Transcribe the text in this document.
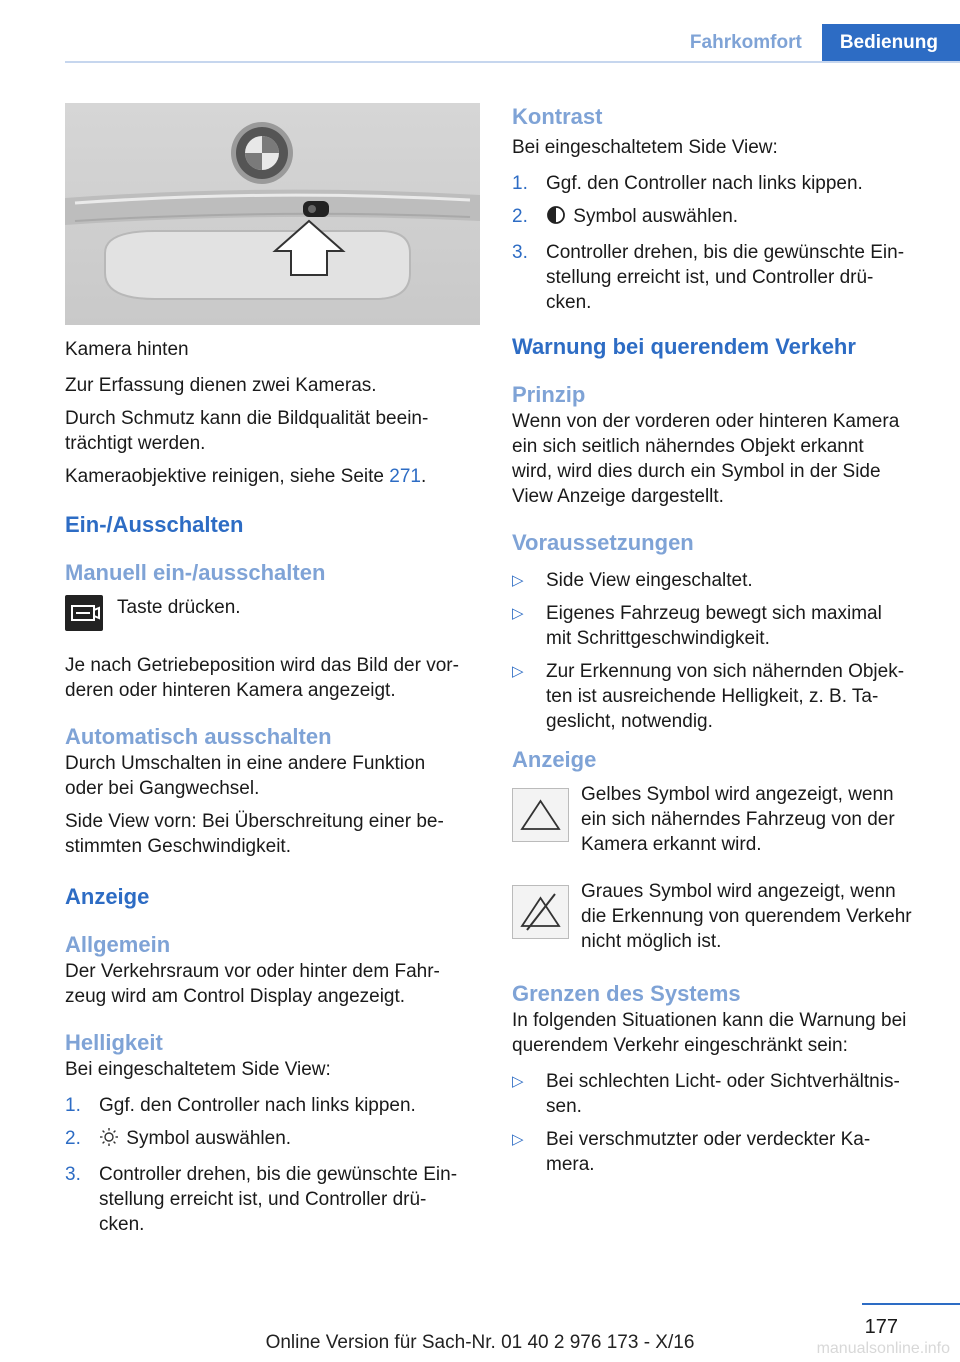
Fahrkomfort	Bedienung

Kamera hinten

Zur Erfassung dienen zwei Kameras.

Durch Schmutz kann die Bildqualität beein‐
trächtigt werden.

Kameraobjektive reinigen, siehe Seite 271.

Ein-/Ausschalten
Manuell ein-/ausschalten

Taste drücken.

Je nach Getriebeposition wird das Bild der vor‐
deren oder hinteren Kamera angezeigt.

Automatisch ausschalten

Durch Umschalten in eine andere Funktion
oder bei Gangwechsel.

Side View vorn: Bei Überschreitung einer be‐
stimmten Geschwindigkeit.

Anzeige
Allgemein

Der Verkehrsraum vor oder hinter dem Fahr‐
zeug wird am Control Display angezeigt.

Helligkeit

Bei eingeschaltetem Side View:

1. Ggf. den Controller nach links kippen.
2. Symbol auswählen.
3. Controller drehen, bis die gewünschte Ein‐
stellung erreicht ist, und Controller drü‐
cken.
Kontrast

Bei eingeschaltetem Side View:

1. Ggf. den Controller nach links kippen.
2. Symbol auswählen.
3. Controller drehen, bis die gewünschte Ein‐
stellung erreicht ist, und Controller drü‐
cken.
Warnung bei querendem Verkehr
Prinzip

Wenn von der vorderen oder hinteren Kamera
ein sich seitlich näherndes Objekt erkannt
wird, wird dies durch ein Symbol in der Side
View Anzeige dargestellt.

Voraussetzungen
▷ Side View eingeschaltet.
▷ Eigenes Fahrzeug bewegt sich maximal
mit Schrittgeschwindigkeit.
▷ Zur Erkennung von sich nähernden Objek‐
ten ist ausreichende Helligkeit, z. B. Ta‐
geslicht, notwendig.
Anzeige

Gelbes Symbol wird angezeigt, wenn
ein sich näherndes Fahrzeug von der
Kamera erkannt wird.

Graues Symbol wird angezeigt, wenn
die Erkennung von querendem Verkehr
nicht möglich ist.

Grenzen des Systems

In folgenden Situationen kann die Warnung bei
querendem Verkehr eingeschränkt sein:

▷ Bei schlechten Licht- oder Sichtverhältnis‐
sen.
▷ Bei verschmutzter oder verdeckter Ka‐
mera.
177
Online Version für Sach-Nr. 01 40 2 976 173 - X/16	manualsonline.info
